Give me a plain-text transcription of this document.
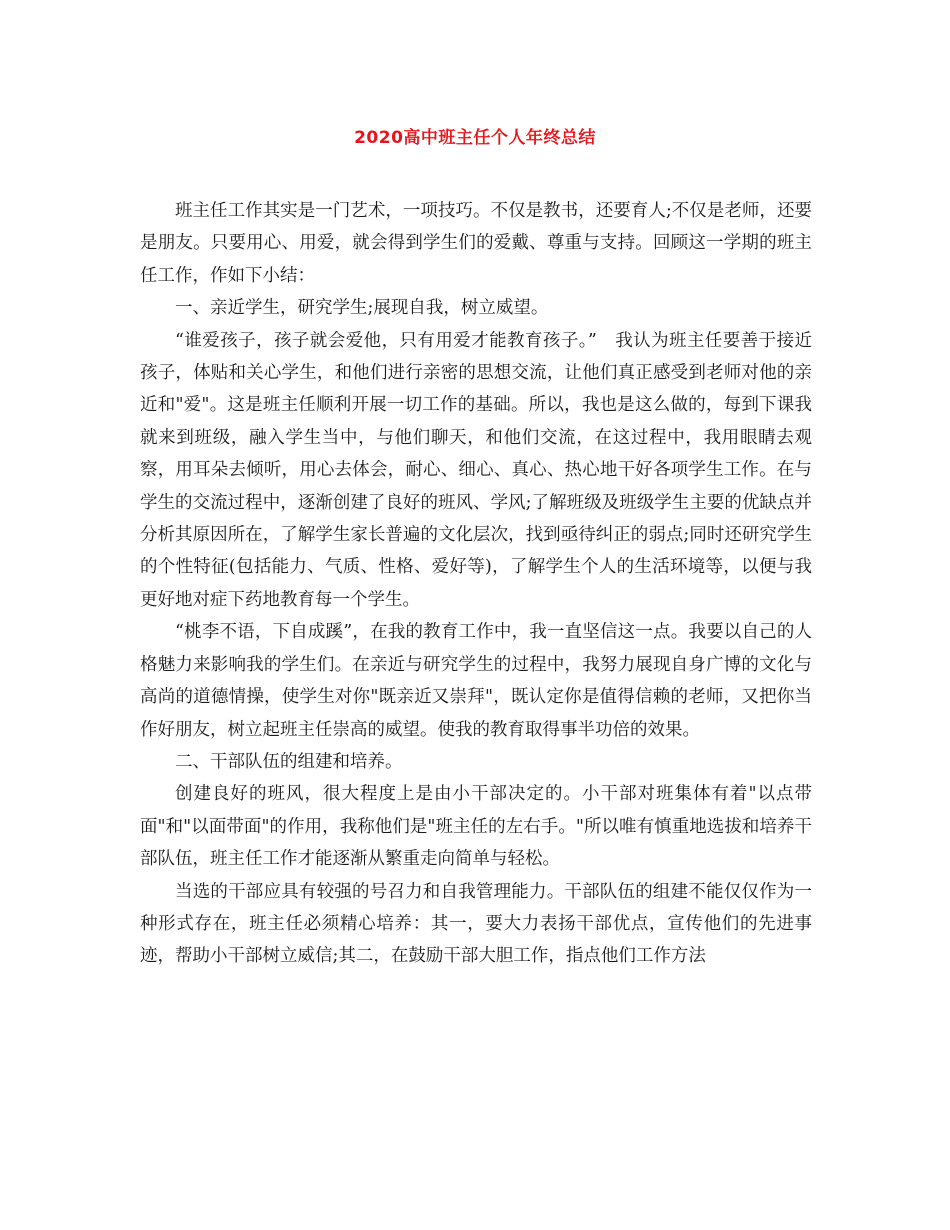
2020高中班主任个人年终总结

班主任工作其实是一门艺术，一项技巧。不仅是教书，还要育人;不仅是老师，还要是朋友。只要用心、用爱，就会得到学生们的爱戴、尊重与支持。回顾这一学期的班主任工作，作如下小结：

一、亲近学生，研究学生;展现自我，树立威望。

“谁爱孩子，孩子就会爱他，只有用爱才能教育孩子。”　我认为班主任要善于接近孩子，体贴和关心学生，和他们进行亲密的思想交流，让他们真正感受到老师对他的亲近和"爱"。这是班主任顺利开展一切工作的基础。所以，我也是这么做的，每到下课我就来到班级，融入学生当中，与他们聊天，和他们交流，在这过程中，我用眼睛去观察，用耳朵去倾听，用心去体会，耐心、细心、真心、热心地干好各项学生工作。在与学生的交流过程中，逐渐创建了良好的班风、学风;了解班级及班级学生主要的优缺点并分析其原因所在，了解学生家长普遍的文化层次，找到亟待纠正的弱点;同时还研究学生的个性特征(包括能力、气质、性格、爱好等)，了解学生个人的生活环境等，以便与我更好地对症下药地教育每一个学生。

“桃李不语，下自成蹊”，在我的教育工作中，我一直坚信这一点。我要以自己的人格魅力来影响我的学生们。在亲近与研究学生的过程中，我努力展现自身广博的文化与高尚的道德情操，使学生对你"既亲近又崇拜"，既认定你是值得信赖的老师，又把你当作好朋友，树立起班主任崇高的威望。使我的教育取得事半功倍的效果。

二、干部队伍的组建和培养。

创建良好的班风，很大程度上是由小干部决定的。小干部对班集体有着"以点带面"和"以面带面"的作用，我称他们是"班主任的左右手。"所以唯有慎重地选拔和培养干部队伍，班主任工作才能逐渐从繁重走向简单与轻松。

当选的干部应具有较强的号召力和自我管理能力。干部队伍的组建不能仅仅作为一种形式存在，班主任必须精心培养：其一，要大力表扬干部优点，宣传他们的先进事迹，帮助小干部树立威信;其二，在鼓励干部大胆工作，指点他们工作方法
